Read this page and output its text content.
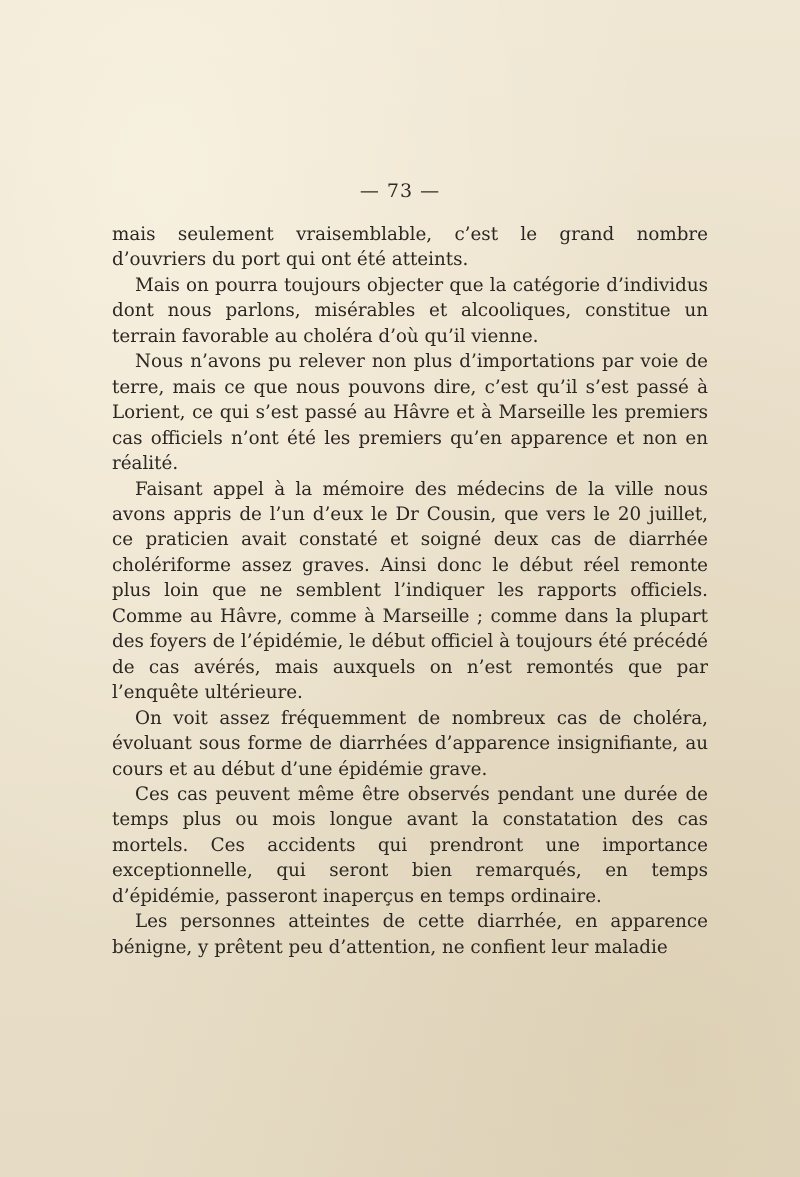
— 73 —

mais seulement vraisemblable, c’est le grand nombre d’ouvriers du port qui ont été atteints.

Mais on pourra toujours objecter que la catégorie d’individus dont nous parlons, misérables et alcooliques, constitue un terrain favorable au choléra d’où qu’il vienne.

Nous n’avons pu relever non plus d’importations par voie de terre, mais ce que nous pouvons dire, c’est qu’il s’est passé à Lorient, ce qui s’est passé au Hâvre et à Marseille les premiers cas officiels n’ont été les premiers qu’en apparence et non en réalité.

Faisant appel à la mémoire des médecins de la ville nous avons appris de l’un d’eux le Dr Cousin, que vers le 20 juillet, ce praticien avait constaté et soigné deux cas de diarrhée cholériforme assez graves. Ainsi donc le début réel remonte plus loin que ne semblent l’indiquer les rapports officiels. Comme au Hâvre, comme à Marseille ; comme dans la plupart des foyers de l’épidémie, le début officiel à toujours été précédé de cas avérés, mais auxquels on n’est remontés que par l’enquête ultérieure.

On voit assez fréquemment de nombreux cas de choléra, évoluant sous forme de diarrhées d’apparence insignifiante, au cours et au début d’une épidémie grave.

Ces cas peuvent même être observés pendant une durée de temps plus ou mois longue avant la constatation des cas mortels. Ces accidents qui prendront une importance exceptionnelle, qui seront bien remarqués, en temps d’épidémie, passeront inaperçus en temps ordinaire.

Les personnes atteintes de cette diarrhée, en apparence bénigne, y prêtent peu d’attention, ne confient leur maladie
